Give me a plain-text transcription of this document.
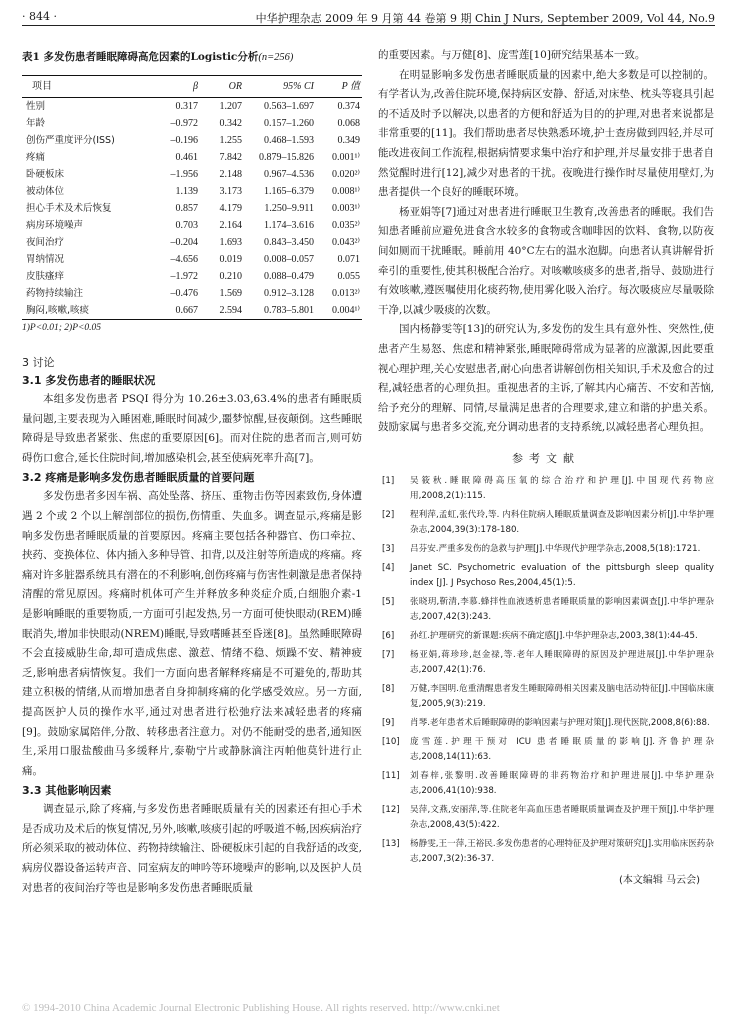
· 844 ·	中华护理杂志 2009 年 9 月第 44 卷第 9 期 Chin J Nurs, September 2009, Vol 44, No.9
表1 多发伤患者睡眠障碍高危因素的Logistic分析(n=256)
项目	β	OR	95% CI	P 值
性别	0.317	1.207	0.563–1.697	0.374
年龄	–0.972	0.342	0.157–1.260	0.068
创伤严重度评分(ISS)	–0.196	1.255	0.468–1.593	0.349
疼痛	0.461	7.842	0.879–15.826	0.001¹⁾
卧硬板床	–1.956	2.148	0.967–4.536	0.020²⁾
被动体位	1.139	3.173	1.165–6.379	0.008¹⁾
担心手术及术后恢复	0.857	4.179	1.250–9.911	0.003¹⁾
病房环境噪声	0.703	2.164	1.174–3.616	0.035²⁾
夜间治疗	–0.204	1.693	0.843–3.450	0.043²⁾
胃纳情况	–4.656	0.019	0.008–0.057	0.071
皮肤瘙痒	–1.972	0.210	0.088–0.479	0.055
药物持续输注	–0.476	1.569	0.912–3.128	0.013²⁾
胸闷,咳嗽,咳痰	0.667	2.594	0.783–5.801	0.004¹⁾
1)P<0.01; 2)P<0.05
3 讨论
3.1 多发伤患者的睡眠状况

本组多发伤患者 PSQI 得分为 10.26±3.03,63.4%的患者有睡眠质量问题,主要表现为入睡困难,睡眠时间减少,噩梦惊醒,昼夜颠倒。这些睡眠障碍是导致患者紧张、焦虑的重要原因[6]。而对住院的患者而言,则可妨碍伤口愈合,延长住院时间,增加感染机会,甚至使病死率升高[7]。

3.2 疼痛是影响多发伤患者睡眠质量的首要问题

多发伤患者多因车祸、高处坠落、挤压、重物击伤等因素致伤,身体遭遇 2 个或 2 个以上解剖部位的损伤,伤情重、失血多。调查显示,疼痛是影响多发伤患者睡眠质量的首要原因。疼痛主要包括各种器官、伤口牵拉、挟药、变换体位、体内插入多种导管、扣背,以及注射等所造成的疼痛。疼痛对许多脏器系统具有潜在的不利影响,创伤疼痛与伤害性刺激是患者保持清醒的常见原因。疼痛时机体可产生并释放多种炎症介质,白细胞介素-1 是影响睡眠的重要物质,一方面可引起发热,另一方面可使快眼动(REM)睡眠消失,增加非快眼动(NREM)睡眠,导致嗜睡甚至昏迷[8]。虽然睡眠障碍不会直接威胁生命,却可造成焦虑、激惹、情绪不稳、烦躁不安、精神疲乏,影响患者病情恢复。我们一方面向患者解释疼痛是不可避免的,帮助其建立积极的情绪,从而增加患者自身抑制疼痛的化学感受效应。另一方面,提高医护人员的操作水平,通过对患者进行松弛疗法来减轻患者的疼痛[9]。鼓励家属陪伴,分散、转移患者注意力。对仍不能耐受的患者,通知医生,采用口服盐酸曲马多缓释片,泰勒宁片或静脉滴注丙帕他莫针进行止痛。

3.3 其他影响因素

调查显示,除了疼痛,与多发伤患者睡眠质量有关的因素还有担心手术是否成功及术后的恢复情况,另外,咳嗽,咳痰引起的呼吸道不畅,因疾病治疗所必须采取的被动体位、药物持续输注、卧硬板床引起的自我舒适的改变,病房仪器设备运转声音、同室病友的呻吟等环境噪声的影响,以及医护人员对患者的夜间治疗等也是影响多发伤患者睡眠质量

的重要因素。与万健[8]、庞雪莲[10]研究结果基本一致。

在明显影响多发伤患者睡眠质量的因素中,绝大多数是可以控制的。有学者认为,改善住院环境,保持病区安静、舒适,对床垫、枕头等寝具引起的不适及时予以解决,以患者的方便和舒适为目的的护理,对患者来说都是非常重要的[11]。我们帮助患者尽快熟悉环境,护士查房做到四轻,并尽可能改进夜间工作流程,根据病情要求集中治疗和护理,并尽量安排于患者自然觉醒时进行[12],减少对患者的干扰。夜晚进行操作时尽量使用壁灯,为患者提供一个良好的睡眠环境。

杨亚娟等[7]通过对患者进行睡眠卫生教育,改善患者的睡眠。我们告知患者睡前应避免进食含水较多的食物或含咖啡因的饮料、食物,以防夜间如厕而干扰睡眠。睡前用 40°C左右的温水泡脚。向患者认真讲解骨折牵引的重要性,使其积极配合治疗。对咳嗽咳痰多的患者,指导、鼓励进行有效咳嗽,遵医嘱使用化痰药物,使用雾化吸入治疗。每次吸痰应尽量吸除干净,以减少吸痰的次数。

国内杨静雯等[13]的研究认为,多发伤的发生具有意外性、突然性,使患者产生易怒、焦虑和精神紧张,睡眠障碍常成为显著的应激源,因此要重视心理护理,关心安慰患者,耐心向患者讲解创伤相关知识,手术及愈合的过程,减轻患者的心理负担。重视患者的主诉,了解其内心痛苦、不安和苦恼,给予充分的理解、同情,尽量满足患者的合理要求,建立和谐的护患关系。鼓励家属与患者多交流,充分调动患者的支持系统,以减轻患者心理负担。

参考文献
[1] 吴筱秋.睡眠障碍高压氧的综合治疗和护理[J].中国现代药物应用,2008,2(1):115.
[2] 程利萍,孟虹,张代玲,等. 内科住院病人睡眠质量调查及影响因素分析[J].中华护理杂志,2004,39(3):178-180.
[3] 吕芬安.严重多发伤的急救与护理[J].中华现代护理学杂志,2008,5(18):1721.
[4] Janet SC. Psychometric evaluation of the pittsburgh sleep quality index [J]. J Psychoso Res,2004,45(1):5.
[5] 张晓玥,靳清,李慕.蜂拌性血液透析患者睡眠质量的影响因素调查[J].中华护理杂志,2007,42(3):243.
[6] 孙红.护理研究的新课题:疾病不确定感[J].中华护理杂志,2003,38(1):44-45.
[7] 杨亚娟,蒋珍珍,赵金禄,等.老年人睡眠障碍的原因及护理进展[J].中华护理杂志,2007,42(1):76.
[8] 万健,李国明.危重清醒患者发生睡眠障碍相关因素及脑电活动特征[J].中国临床康复,2005,9(3):219.
[9] 肖琴.老年患者术后睡眠障碍的影响因素与护理对策[J].现代医院,2008,8(6):88.
[10] 庞雪莲.护理干预对 ICU 患者睡眠质量的影响[J].齐鲁护理杂志,2008,14(11):63.
[11] 刘春梓,张黎明.改善睡眠障碍的非药物治疗和护理进展[J].中华护理杂志,2006,41(10):938.
[12] 吴萍,文燕,安丽萍,等.住院老年高血压患者睡眠质量调查及护理干预[J].中华护理杂志,2008,43(5):422.
[13] 杨静雯,王一萍,王裕民.多发伤患者的心理特征及护理对策研究[J].实用临床医药杂志,2007,3(2):36-37.
(本文编辑 马云会)
© 1994-2010 China Academic Journal Electronic Publishing House. All rights reserved. http://www.cnki.net
